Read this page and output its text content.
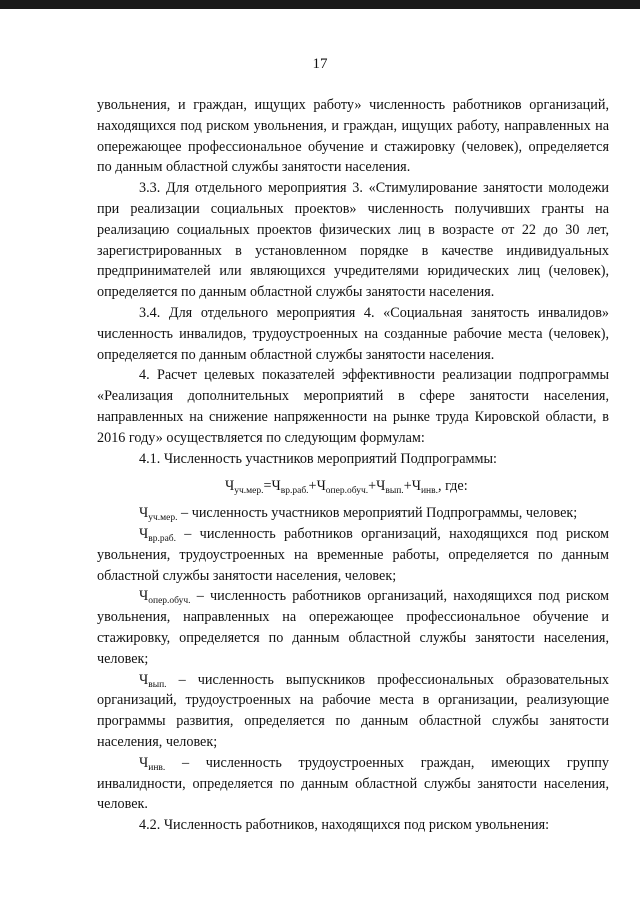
17

увольнения, и граждан, ищущих работу» численность работников организаций, находящихся под риском увольнения, и граждан, ищущих работу, направленных на опережающее профессиональное обучение и стажировку (человек), определяется по данным областной службы занятости населения.

3.3. Для отдельного мероприятия 3. «Стимулирование занятости молодежи при реализации социальных проектов» численность получивших гранты на реализацию социальных проектов физических лиц в возрасте от 22 до 30 лет, зарегистрированных в установленном порядке в качестве индивидуальных предпринимателей или являющихся учредителями юридических лиц (человек), определяется по данным областной службы занятости населения.

3.4. Для отдельного мероприятия 4. «Социальная занятость инвалидов» численность инвалидов, трудоустроенных на созданные рабочие места (человек), определяется по данным областной службы занятости населения.

4. Расчет целевых показателей эффективности реализации подпрограммы «Реализация дополнительных мероприятий в сфере занятости населения, направленных на снижение напряженности на рынке труда Кировской области, в 2016 году» осуществляется по следующим формулам:

4.1. Численность участников мероприятий Подпрограммы:

$Ч_{уч.мер.}=Ч_{вр.раб.}+Ч_{опер.обуч.}+Ч_{вып.}+Ч_{инв.}$, где:

$Ч_{уч.мер.}$ – численность участников мероприятий Подпрограммы, человек;

$Ч_{вр.раб.}$ – численность работников организаций, находящихся под риском увольнения, трудоустроенных на временные работы, определяется по данным областной службы занятости населения, человек;

$Ч_{опер.обуч.}$ – численность работников организаций, находящихся под риском увольнения, направленных на опережающее профессиональное обучение и стажировку, определяется по данным областной службы занятости населения, человек;

$Ч_{вып.}$ – численность выпускников профессиональных образовательных организаций, трудоустроенных на рабочие места в организации, реализующие программы развития, определяется по данным областной службы занятости населения, человек;

$Ч_{инв.}$ – численность трудоустроенных граждан, имеющих группу инвалидности, определяется по данным областной службы занятости населения, человек.

4.2. Численность работников, находящихся под риском увольнения:
